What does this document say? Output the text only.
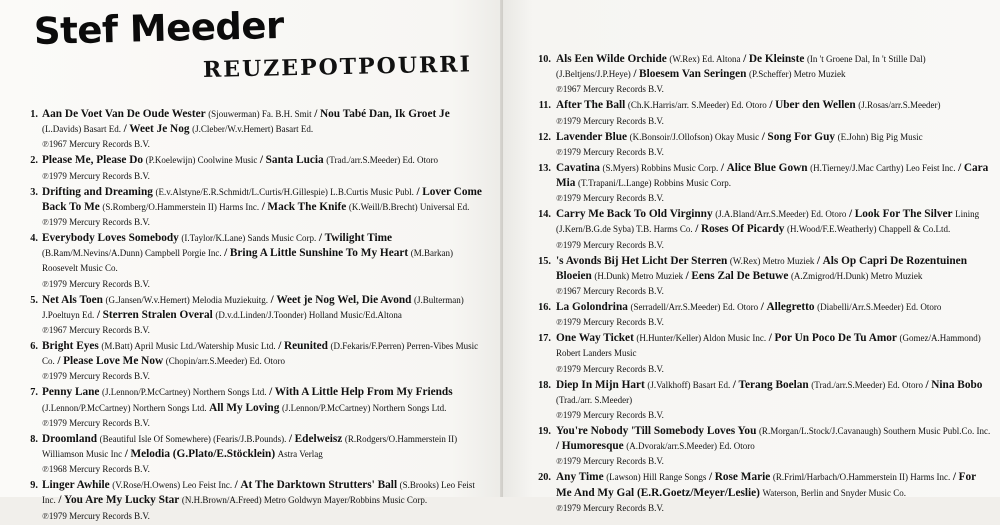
Stef Meeder
REUZEPOTPOURRI
1. Aan De Voet Van De Oude Wester (Sjouwerman) Fa. B.H. Smit / Nou Tabé Dan, Ik Groet Je (L.Davids) Basart Ed. / Weet Je Nog (J.Cleber/W.v.Hemert) Basart Ed.
℗1967 Mercury Records B.V.
2. Please Me, Please Do (P.Koelewijn) Coolwine Music / Santa Lucia (Trad./arr.S.Meeder) Ed. Otoro
℗1979 Mercury Records B.V.
3. Drifting and Dreaming (E.v.Alstyne/E.R.Schmidt/L.Curtis/H.Gillespie) L.B.Curtis Music Publ. / Lover Come Back To Me (S.Romberg/O.Hammerstein II) Harms Inc. / Mack The Knife (K.Weill/B.Brecht) Universal Ed.
℗1979 Mercury Records B.V.
4. Everybody Loves Somebody (I.Taylor/K.Lane) Sands Music Corp. / Twilight Time (B.Ram/M.Nevins/A.Dunn) Campbell Porgie Inc. / Bring A Little Sunshine To My Heart (M.Barkan) Roosevelt Music Co.
℗1979 Mercury Records B.V.
5. Net Als Toen (G.Jansen/W.v.Hemert) Melodia Muziekuitg. / Weet je Nog Wel, Die Avond (J.Bulterman) J.Poeltuyn Ed. / Sterren Stralen Overal (D.v.d.Linden/J.Toonder) Holland Music/Ed.Altona
℗1967 Mercury Records B.V.
6. Bright Eyes (M.Batt) April Music Ltd./Watership Music Ltd. / Reunited (D.Fekaris/F.Perren) Perren-Vibes Music Co. / Please Love Me Now (Chopin/arr.S.Meeder) Ed. Otoro
℗1979 Mercury Records B.V.
7. Penny Lane (J.Lennon/P.McCartney) Northern Songs Ltd. / With A Little Help From My Friends (J.Lennon/P.McCartney) Northern Songs Ltd. All My Loving (J.Lennon/P.McCartney) Northern Songs Ltd.
℗1979 Mercury Records B.V.
8. Droomland (Beautiful Isle Of Somewhere) (Fearis/J.B.Pounds). / Edelweisz (R.Rodgers/O.Hammerstein II) Williamson Music Inc / Melodia (G.Plato/E.Stöcklein) Astra Verlag
℗1968 Mercury Records B.V.
9. Linger Awhile (V.Rose/H.Owens) Leo Feist Inc. / At The Darktown Strutters' Ball (S.Brooks) Leo Feist Inc. / You Are My Lucky Star (N.H.Brown/A.Freed) Metro Goldwyn Mayer/Robbins Music Corp.
℗1979 Mercury Records B.V.
10. Als Een Wilde Orchide (W.Rex) Ed. Altona / De Kleinste (In 't Groene Dal, In 't Stille Dal) (J.Beltjens/J.P.Heye) / Bloesem Van Seringen (P.Scheffer) Metro Muziek
℗1967 Mercury Records B.V.
11. After The Ball (Ch.K.Harris/arr. S.Meeder) Ed. Otoro / Uber den Wellen (J.Rosas/arr.S.Meeder)
℗1979 Mercury Records B.V.
12. Lavender Blue (K.Bonsoir/J.Ollofson) Okay Music / Song For Guy (E.John) Big Pig Music
℗1979 Mercury Records B.V.
13. Cavatina (S.Myers) Robbins Music Corp. / Alice Blue Gown (H.Tierney/J.Mac Carthy) Leo Feist Inc. / Cara Mia (T.Trapani/L.Lange) Robbins Music Corp.
℗1979 Mercury Records B.V.
14. Carry Me Back To Old Virginny (J.A.Bland/Arr.S.Meeder) Ed. Otoro / Look For The Silver Lining (J.Kern/B.G.de Syba) T.B. Harms Co. / Roses Of Picardy (H.Wood/F.E.Weatherly) Chappell & Co.Ltd.
℗1979 Mercury Records B.V.
15. 's Avonds Bij Het Licht Der Sterren (W.Rex) Metro Muziek / Als Op Capri De Rozentuinen Bloeien (H.Dunk) Metro Muziek / Eens Zal De Betuwe (A.Zmigrod/H.Dunk) Metro Muziek
℗1967 Mercury Records B.V.
16. La Golondrina (Serradell/Arr.S.Meeder) Ed. Otoro / Allegretto (Diabelli/Arr.S.Meeder) Ed. Otoro
℗1979 Mercury Records B.V.
17. One Way Ticket (H.Hunter/Keller) Aldon Music Inc. / Por Un Poco De Tu Amor (Gomez/A.Hammond) Robert Landers Music
℗1979 Mercury Records B.V.
18. Diep In Mijn Hart (J.Valkhoff) Basart Ed. / Terang Boelan (Trad./arr.S.Meeder) Ed. Otoro / Nina Bobo (Trad./arr. S.Meeder)
℗1979 Mercury Records B.V.
19. You're Nobody 'Till Somebody Loves You (R.Morgan/L.Stock/J.Cavanaugh) Southern Music Publ.Co. Inc. / Humoresque (A.Dvorak/arr.S.Meeder) Ed. Otoro
℗1979 Mercury Records B.V.
20. Any Time (Lawson) Hill Range Songs / Rose Marie (R.Friml/Harbach/O.Hammerstein II) Harms Inc. / For Me And My Gal (E.R.Goetz/Meyer/Leslie) Waterson, Berlin and Snyder Music Co.
℗1979 Mercury Records B.V.
